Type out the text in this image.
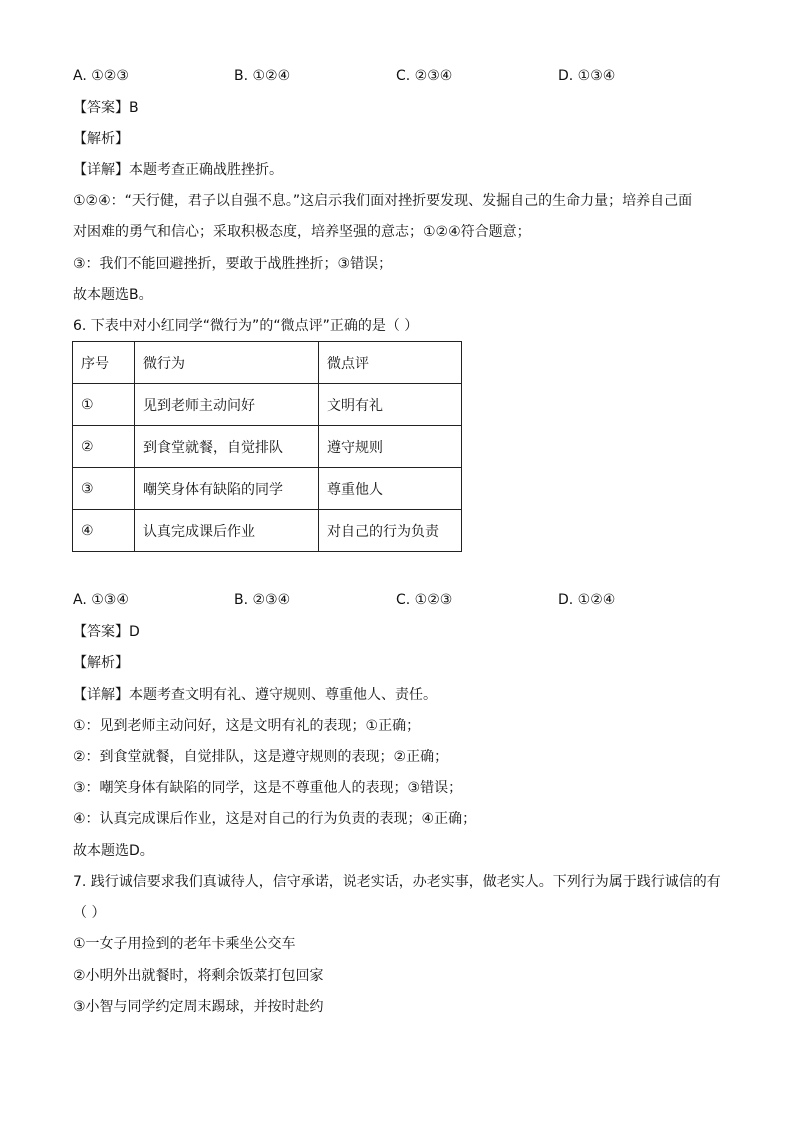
A. ①②③	B. ①②④	C. ②③④	D. ①③④
【答案】B
【解析】
【详解】本题考查正确战胜挫折。
①②④：“天行健，君子以自强不息。”这启示我们面对挫折要发现、发掘自己的生命力量；培养自己面
对困难的勇气和信心；采取积极态度，培养坚强的意志；①②④符合题意；
③：我们不能回避挫折，要敢于战胜挫折；③错误；
故本题选B。
6. 下表中对小红同学“微行为”的“微点评”正确的是（ ）
序号	微行为	微点评
①	见到老师主动问好	文明有礼
②	到食堂就餐，自觉排队	遵守规则
③	嘲笑身体有缺陷的同学	尊重他人
④	认真完成课后作业	对自己的行为负责
A. ①③④	B. ②③④	C. ①②③	D. ①②④
【答案】D
【解析】
【详解】本题考查文明有礼、遵守规则、尊重他人、责任。
①：见到老师主动问好，这是文明有礼的表现；①正确；
②：到食堂就餐，自觉排队，这是遵守规则的表现；②正确；
③：嘲笑身体有缺陷的同学，这是不尊重他人的表现；③错误；
④：认真完成课后作业，这是对自己的行为负责的表现；④正确；
故本题选D。
7. 践行诚信要求我们真诚待人，信守承诺，说老实话，办老实事，做老实人。下列行为属于践行诚信的有
（ ）
①一女子用捡到的老年卡乘坐公交车
②小明外出就餐时，将剩余饭菜打包回家
③小智与同学约定周末踢球，并按时赴约
